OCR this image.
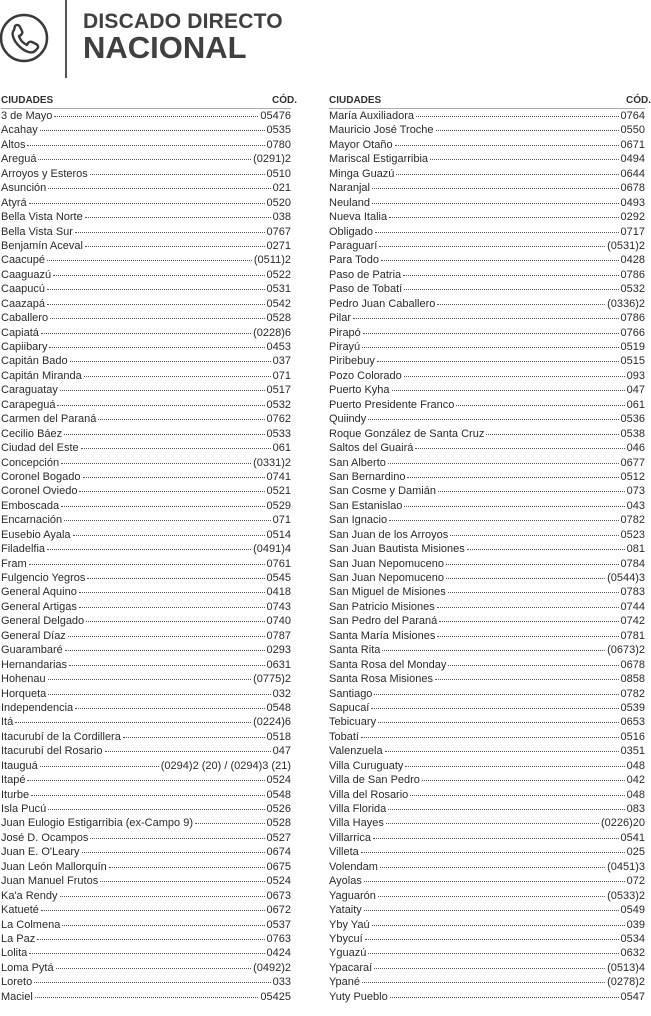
DISCADO DIRECTO
NACIONAL
CIUDADES	CÓD.
3 de Mayo	05476
Acahay	0535
Altos	0780
Areguá	(0291)2
Arroyos y Esteros	0510
Asunción	021
Atyrá	0520
Bella Vista Norte	038
Bella Vista Sur	0767
Benjamín Aceval	0271
Caacupé	(0511)2
Caaguazú	0522
Caapucú	0531
Caazapá	0542
Caballero	0528
Capiatá	(0228)6
Capiibary	0453
Capitán Bado	037
Capitán Miranda	071
Caraguatay	0517
Carapeguá	0532
Carmen del Paraná	0762
Cecilio Báez	0533
Ciudad del Este	061
Concepción	(0331)2
Coronel Bogado	0741
Coronel Oviedo	0521
Emboscada	0529
Encarnación	071
Eusebio Ayala	0514
Filadelfia	(0491)4
Fram	0761
Fulgencio Yegros	0545
General Aquino	0418
General Artigas	0743
General Delgado	0740
General Díaz	0787
Guarambaré	0293
Hernandarias	0631
Hohenau	(0775)2
Horqueta	032
Independencia	0548
Itá	(0224)6
Itacurubí de la Cordillera	0518
Itacurubí del Rosario	047
Itauguá	(0294)2 (20) / (0294)3 (21)
Itapé	0524
Iturbe	0548
Isla Pucú	0526
Juan Eulogio Estigarribia (ex-Campo 9)	0528
José D. Ocampos	0527
Juan E. O'Leary	0674
Juan León Mallorquín	0675
Juan Manuel Frutos	0524
Ka'a Rendy	0673
Katueté	0672
La Colmena	0537
La Paz	0763
Lolita	0424
Loma Pytá	(0492)2
Loreto	033
Maciel	05425
CIUDADES	CÓD.
María Auxiliadora	0764
Mauricio José Troche	0550
Mayor Otaño	0671
Mariscal Estigarribia	0494
Minga Guazú	0644
Naranjal	0678
Neuland	0493
Nueva Italia	0292
Obligado	0717
Paraguarí	(0531)2
Para Todo	0428
Paso de Patria	0786
Paso de Tobatí	0532
Pedro Juan Caballero	(0336)2
Pilar	0786
Pirapó	0766
Pirayú	0519
Piribebuy	0515
Pozo Colorado	093
Puerto Kyha	047
Puerto Presidente Franco	061
Quiindy	0536
Roque González de Santa Cruz	0538
Saltos del Guairá	046
San Alberto	0677
San Bernardino	0512
San Cosme y Damián	073
San Estanislao	043
San Ignacio	0782
San Juan de los Arroyos	0523
San Juan Bautista Misiones	081
San Juan Nepomuceno	0784
San Juan Nepomuceno	(0544)3
San Miguel de Misiones	0783
San Patricio Misiones	0744
San Pedro del Paraná	0742
Santa María Misiones	0781
Santa Rita	(0673)2
Santa Rosa del Monday	0678
Santa Rosa Misiones	0858
Santiago	0782
Sapucaí	0539
Tebicuary	0653
Tobatí	0516
Valenzuela	0351
Villa Curuguaty	048
Villa de San Pedro	042
Villa del Rosario	048
Villa Florida	083
Villa Hayes	(0226)20
Villarrica	0541
Villeta	025
Volendam	(0451)3
Ayolas	072
Yaguarón	(0533)2
Yataity	0549
Yby Yaú	039
Ybycuí	0534
Yguazú	0632
Ypacaraí	(0513)4
Ypané	(0278)2
Yuty Pueblo	0547
